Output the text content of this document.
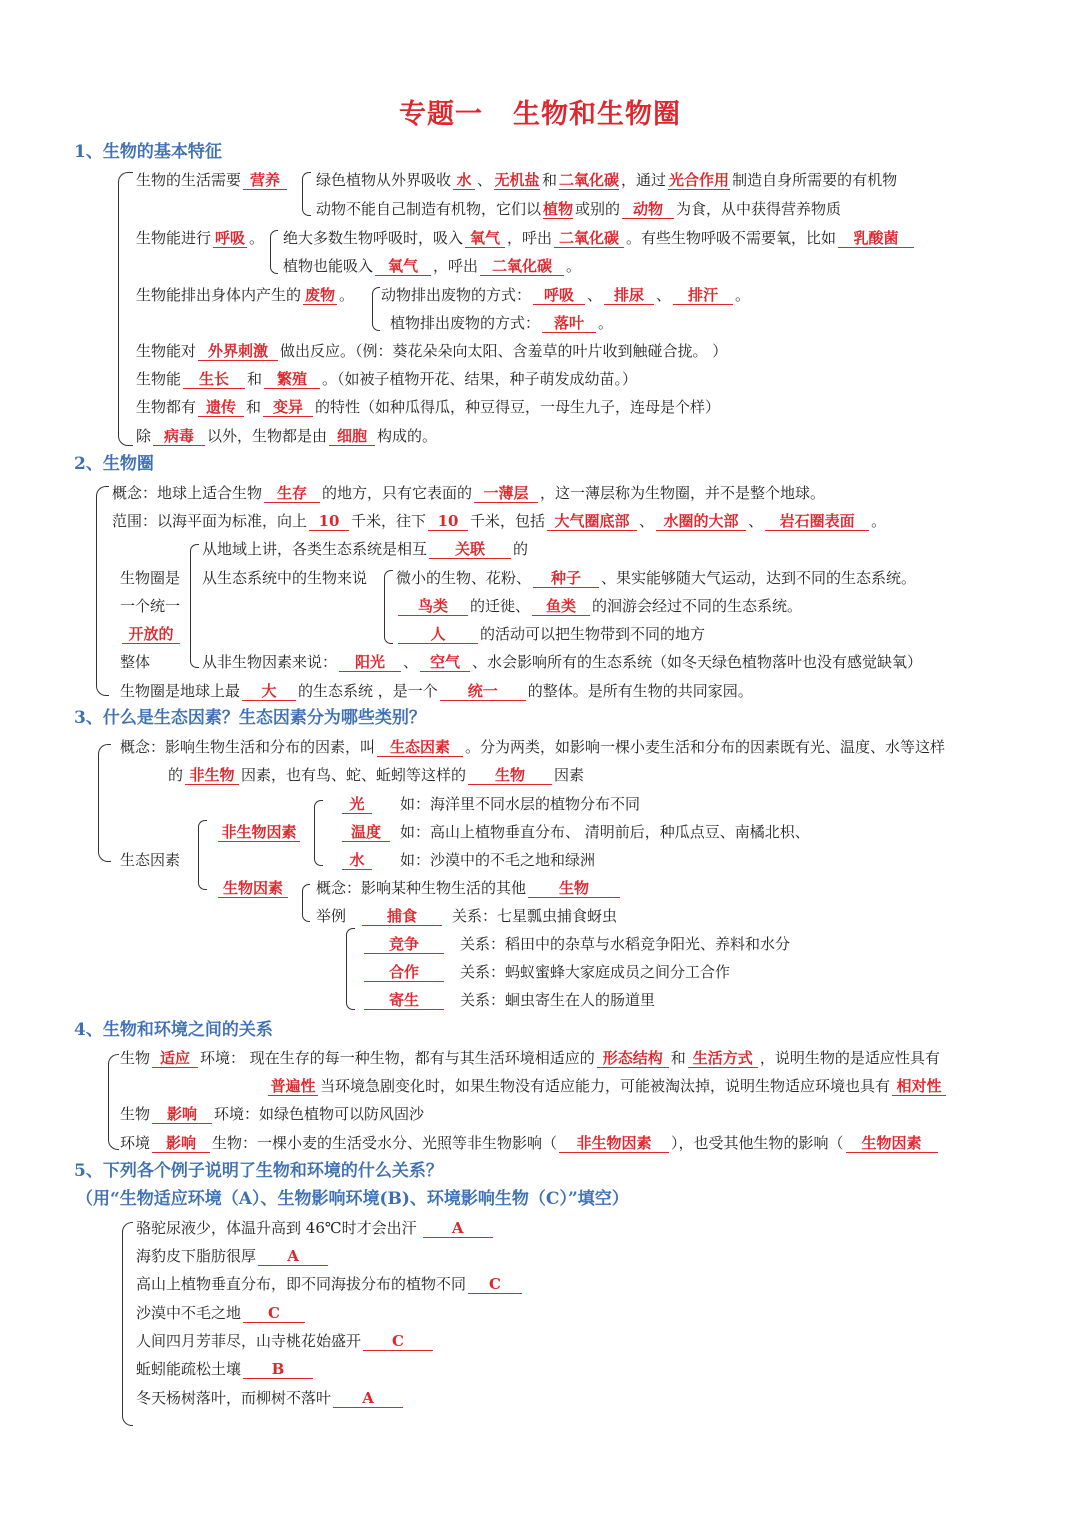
专题一 生物和生物圈
1、生物的基本特征
生物的生活需要 营养	绿色植物从外界吸收 水 、 无机盐 和 二氧化碳 ，通过 光合作用 制造自身所需要的有机物
动物不能自己制造有机物，它们以 植物 或别的 动物 为食，从中获得营养物质
生物能进行 呼吸 。 绝大多数生物呼吸时，吸入 氧气 ，呼出 二氧化碳 。有些生物呼吸不需要氧，比如 乳酸菌
植物也能吸入 氧气 ，呼出 二氧化碳 。
生物能排出身体内产生的 废物 。 动物排出废物的方式： 呼吸 、 排尿 、 排汗 。
植物排出废物的方式： 落叶 。
生物能对 外界刺激 做出反应。（例：葵花朵朵向太阳、含羞草的叶片收到触碰合拢。 ）
生物能 生长 和 繁殖 。（如被子植物开花、结果，种子萌发成幼苗。）
生物都有 遗传 和 变异 的特性（如种瓜得瓜，种豆得豆，一母生九子，连母是个样）
除 病毒 以外，生物都是由 细胞 构成的。
2、生物圈
概念：地球上适合生物 生存 的地方，只有它表面的 一薄层 ，这一薄层称为生物圈，并不是整个地球。
范围：以海平面为标准，向上 10 千米，往下 10 千米，包括 大气圈底部 、 水圈的大部 、 岩石圈表面 。
生物圈是
一个统一
开放的
整体
从地域上讲，各类生态系统是相互 关联 的
从生态系统中的生物来说 微小的生物、花粉、 种子 、果实能够随大气运动，达到不同的生态系统。
鸟类 的迁徙、 鱼类 的洄游会经过不同的生态系统。
人 的活动可以把生物带到不同的地方
从非生物因素来说： 阳光 、 空气 、水会影响所有的生态系统（如冬天绿色植物落叶也没有感觉缺氧）
生物圈是地球上最 大 的生态系统 ，是一个 统一 的整体。是所有生物的共同家园。
3、什么是生态因素？生态因素分为哪些类别？
概念：影响生物生活和分布的因素，叫 生态因素 。分为两类，如影响一棵小麦生活和分布的因素既有光、温度、水等这样
的 非生物 因素，也有鸟、蛇、蚯蚓等这样的 生物 因素
生态因素
非生物因素
生物因素
光 如：海洋里不同水层的植物分布不同
温度 如：高山上植物垂直分布、 清明前后，种瓜点豆、南橘北枳、
水 如：沙漠中的不毛之地和绿洲
概念：影响某种生物生活的其他 生物
举例	捕食 关系：七星瓢虫捕食蚜虫
竞争	关系：稻田中的杂草与水稻竞争阳光、养料和水分
合作	关系：蚂蚁蜜蜂大家庭成员之间分工合作
寄生	关系：蛔虫寄生在人的肠道里
4、生物和环境之间的关系
生物 适应 环境： 现在生存的每一种生物，都有与其生活环境相适应的 形态结构 和 生活方式 ，说明生物的是适应性具有
普遍性 当环境急剧变化时，如果生物没有适应能力，可能被淘汰掉，说明生物适应环境也具有 相对性
生物 影响 环境：如绿色植物可以防风固沙
环境 影响 生物：一棵小麦的生活受水分、光照等非生物影响（ 非生物因素 ），也受其他生物的影响（ 生物因素
5、下列各个例子说明了生物和环境的什么关系？
（用“生物适应环境（A）、生物影响环境(B)、环境影响生物（C）”填空）
骆驼尿液少，体温升高到 46℃时才会出汗 A
海豹皮下脂肪很厚 A
高山上植物垂直分布，即不同海拔分布的植物不同 C
沙漠中不毛之地 C
人间四月芳菲尽，山寺桃花始盛开 C
蚯蚓能疏松土壤 B
冬天杨树落叶，而柳树不落叶 A
